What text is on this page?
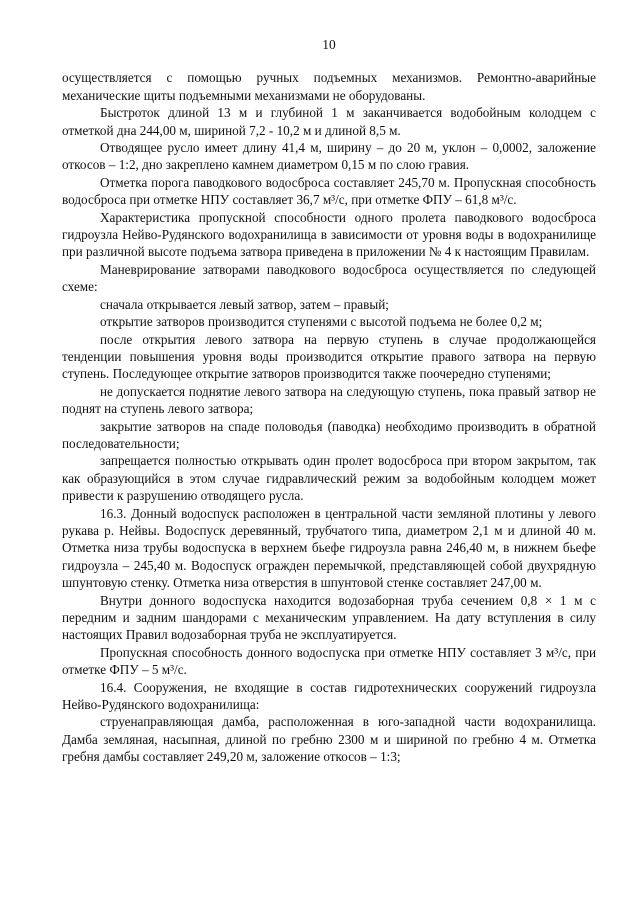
10

осуществляется с помощью ручных подъемных механизмов. Ремонтно-аварийные механические щиты подъемными механизмами не оборудованы.

Быстроток длиной 13 м и глубиной 1 м заканчивается водобойным колодцем с отметкой дна 244,00 м, шириной 7,2 - 10,2 м и длиной 8,5 м.

Отводящее русло имеет длину 41,4 м, ширину – до 20 м, уклон – 0,0002, заложение откосов – 1:2, дно закреплено камнем диаметром 0,15 м по слою гравия.

Отметка порога паводкового водосброса составляет 245,70 м. Пропускная способность водосброса при отметке НПУ составляет 36,7 м³/с, при отметке ФПУ – 61,8 м³/с.

Характеристика пропускной способности одного пролета паводкового водосброса гидроузла Нейво-Рудянского водохранилища в зависимости от уровня воды в водохранилище при различной высоте подъема затвора приведена в приложении № 4 к настоящим Правилам.

Маневрирование затворами паводкового водосброса осуществляется по следующей схеме:

сначала открывается левый затвор, затем – правый;

открытие затворов производится ступенями с высотой подъема не более 0,2 м;

после открытия левого затвора на первую ступень в случае продолжающейся тенденции повышения уровня воды производится открытие правого затвора на первую ступень. Последующее открытие затворов производится также поочередно ступенями;

не допускается поднятие левого затвора на следующую ступень, пока правый затвор не поднят на ступень левого затвора;

закрытие затворов на спаде половодья (паводка) необходимо производить в обратной последовательности;

запрещается полностью открывать один пролет водосброса при втором закрытом, так как образующийся в этом случае гидравлический режим за водобойным колодцем может привести к разрушению отводящего русла.

16.3. Донный водоспуск расположен в центральной части земляной плотины у левого рукава р. Нейвы. Водоспуск деревянный, трубчатого типа, диаметром 2,1 м и длиной 40 м. Отметка низа трубы водоспуска в верхнем бьефе гидроузла равна 246,40 м, в нижнем бьефе гидроузла – 245,40 м. Водоспуск огражден перемычкой, представляющей собой двухрядную шпунтовую стенку. Отметка низа отверстия в шпунтовой стенке составляет 247,00 м.

Внутри донного водоспуска находится водозаборная труба сечением 0,8 × 1 м с передним и задним шандорами с механическим управлением. На дату вступления в силу настоящих Правил водозаборная труба не эксплуатируется.

Пропускная способность донного водоспуска при отметке НПУ составляет 3 м³/с, при отметке ФПУ – 5 м³/с.

16.4. Сооружения, не входящие в состав гидротехнических сооружений гидроузла Нейво-Рудянского водохранилища:

струенаправляющая дамба, расположенная в юго-западной части водохранилища. Дамба земляная, насыпная, длиной по гребню 2300 м и шириной по гребню 4 м. Отметка гребня дамбы составляет 249,20 м, заложение откосов – 1:3;
